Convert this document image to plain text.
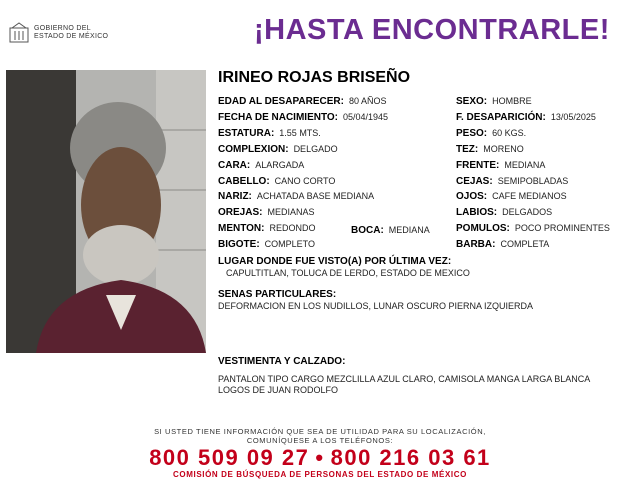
GOBIERNO DEL
ESTADO DE MÉXICO	¡HASTA ENCONTRARLE!
IRINEO ROJAS BRISEÑO
EDAD AL DESAPARECER: 80 AÑOS
FECHA DE NACIMIENTO: 05/04/1945
ESTATURA: 1.55 MTS.
COMPLEXION: DELGADO
CARA: ALARGADA
CABELLO: CANO CORTO
NARIZ: ACHATADA BASE MEDIANA
OREJAS: MEDIANAS
MENTON: REDONDO	BOCA: MEDIANA
BIGOTE: COMPLETO
SEXO: HOMBRE
F. DESAPARICIÓN: 13/05/2025
PESO: 60 KGS.
TEZ: MORENO
FRENTE: MEDIANA
CEJAS: SEMIPOBLADAS
OJOS: CAFE MEDIANOS
LABIOS: DELGADOS
POMULOS: POCO PROMINENTES
BARBA: COMPLETA
LUGAR DONDE FUE VISTO(A) POR ÚLTIMA VEZ:
CAPULTITLAN, TOLUCA DE LERDO, ESTADO DE MEXICO
SENAS PARTICULARES:
DEFORMACION EN LOS NUDILLOS, LUNAR OSCURO PIERNA IZQUIERDA
VESTIMENTA Y CALZADO:
PANTALON TIPO CARGO MEZCLILLA AZUL CLARO, CAMISOLA MANGA LARGA BLANCA
LOGOS DE JUAN RODOLFO
SI USTED TIENE INFORMACIÓN QUE SEA DE UTILIDAD PARA SU LOCALIZACIÓN,
COMUNÍQUESE A LOS TELÉFONOS:
800 509 09 27 • 800 216 03 61
COMISIÓN DE BÚSQUEDA DE PERSONAS DEL ESTADO DE MÉXICO
